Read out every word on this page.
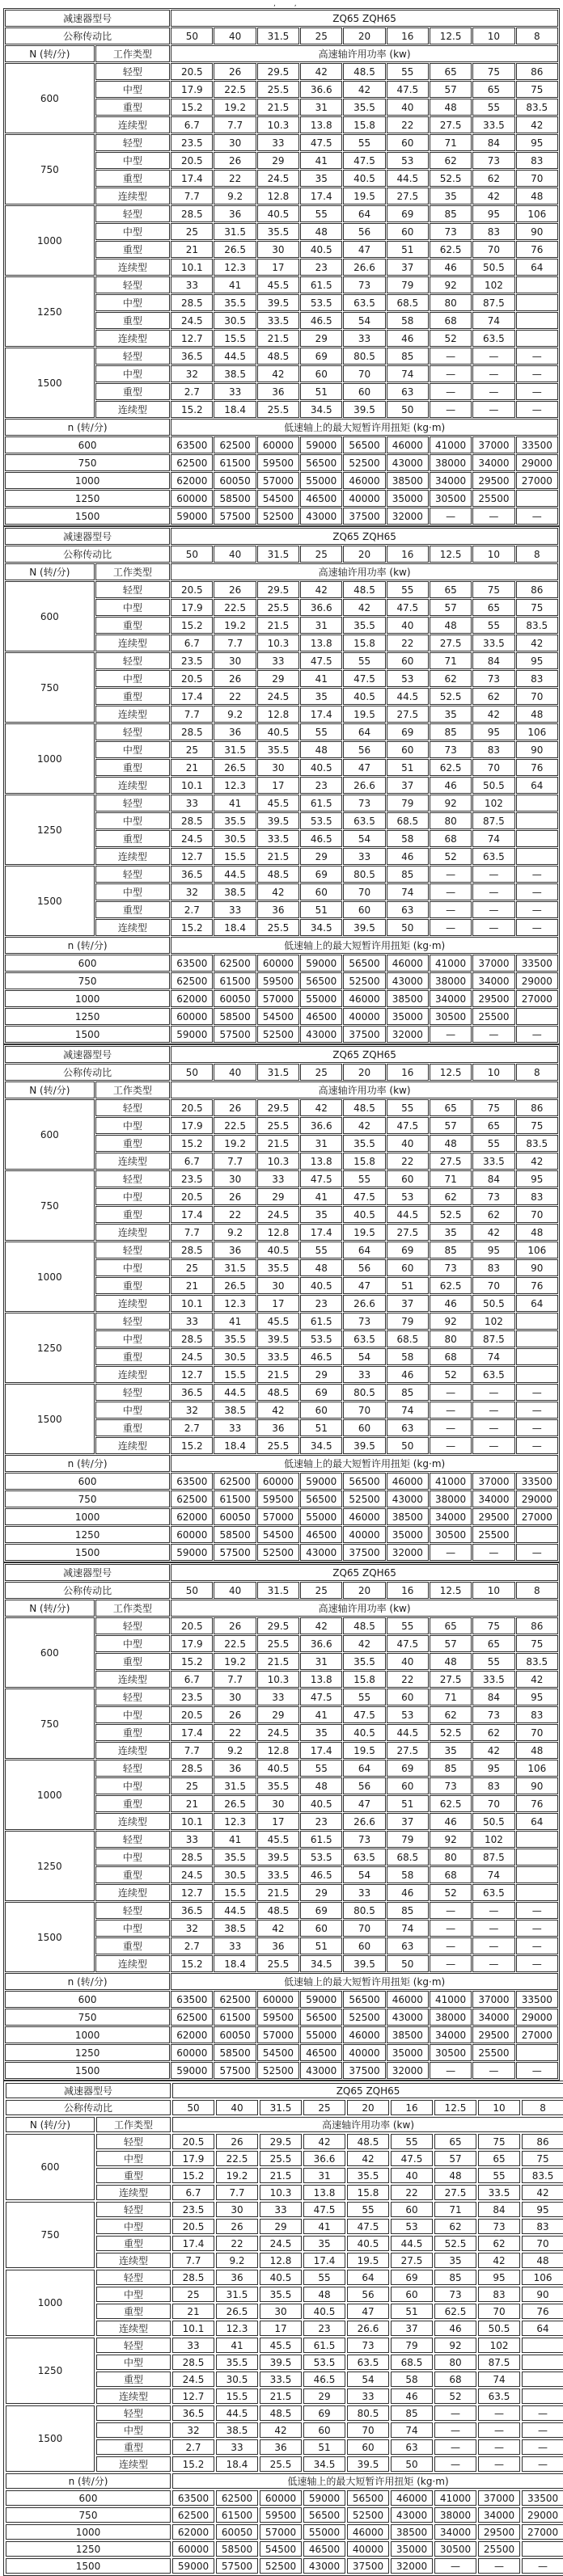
, ,
减速器型号		ZQ65 ZQH65								
公称传动比		50	40	31.5	25	20	16	12.5	10	8
N (转/分)	工作类型	高速轴许用功率 (kw)								
600	轻型	20.5	26	29.5	42	48.5	55	65	75	86
	中型	17.9	22.5	25.5	36.6	42	47.5	57	65	75
	重型	15.2	19.2	21.5	31	35.5	40	48	55	83.5
	连续型	6.7	7.7	10.3	13.8	15.8	22	27.5	33.5	42
750	轻型	23.5	30	33	47.5	55	60	71	84	95
	中型	20.5	26	29	41	47.5	53	62	73	83
	重型	17.4	22	24.5	35	40.5	44.5	52.5	62	70
	连续型	7.7	9.2	12.8	17.4	19.5	27.5	35	42	48
1000	轻型	28.5	36	40.5	55	64	69	85	95	106
	中型	25	31.5	35.5	48	56	60	73	83	90
	重型	21	26.5	30	40.5	47	51	62.5	70	76
	连续型	10.1	12.3	17	23	26.6	37	46	50.5	64
1250	轻型	33	41	45.5	61.5	73	79	92	102	
	中型	28.5	35.5	39.5	53.5	63.5	68.5	80	87.5	
	重型	24.5	30.5	33.5	46.5	54	58	68	74	
	连续型	12.7	15.5	21.5	29	33	46	52	63.5	
1500	轻型	36.5	44.5	48.5	69	80.5	85	—	—	—
	中型	32	38.5	42	60	70	74	—	—	—
	重型	2.7	33	36	51	60	63	—	—	—
	连续型	15.2	18.4	25.5	34.5	39.5	50	—	—	—
n (转/分)		低速轴上的最大短暂许用扭矩 (kg·m)								
600		63500	62500	60000	59000	56500	46000	41000	37000	33500
750		62500	61500	59500	56500	52500	43000	38000	34000	29000
1000		62000	60050	57000	55000	46000	38500	34000	29500	27000
1250		60000	58500	54500	46500	40000	35000	30500	25500	
1500		59000	57500	52500	43000	37500	32000	—	—	—
减速器型号		ZQ65 ZQH65								
公称传动比		50	40	31.5	25	20	16	12.5	10	8
N (转/分)	工作类型	高速轴许用功率 (kw)								
600	轻型	20.5	26	29.5	42	48.5	55	65	75	86
	中型	17.9	22.5	25.5	36.6	42	47.5	57	65	75
	重型	15.2	19.2	21.5	31	35.5	40	48	55	83.5
	连续型	6.7	7.7	10.3	13.8	15.8	22	27.5	33.5	42
750	轻型	23.5	30	33	47.5	55	60	71	84	95
	中型	20.5	26	29	41	47.5	53	62	73	83
	重型	17.4	22	24.5	35	40.5	44.5	52.5	62	70
	连续型	7.7	9.2	12.8	17.4	19.5	27.5	35	42	48
1000	轻型	28.5	36	40.5	55	64	69	85	95	106
	中型	25	31.5	35.5	48	56	60	73	83	90
	重型	21	26.5	30	40.5	47	51	62.5	70	76
	连续型	10.1	12.3	17	23	26.6	37	46	50.5	64
1250	轻型	33	41	45.5	61.5	73	79	92	102	
	中型	28.5	35.5	39.5	53.5	63.5	68.5	80	87.5	
	重型	24.5	30.5	33.5	46.5	54	58	68	74	
	连续型	12.7	15.5	21.5	29	33	46	52	63.5	
1500	轻型	36.5	44.5	48.5	69	80.5	85	—	—	—
	中型	32	38.5	42	60	70	74	—	—	—
	重型	2.7	33	36	51	60	63	—	—	—
	连续型	15.2	18.4	25.5	34.5	39.5	50	—	—	—
n (转/分)		低速轴上的最大短暂许用扭矩 (kg·m)								
600		63500	62500	60000	59000	56500	46000	41000	37000	33500
750		62500	61500	59500	56500	52500	43000	38000	34000	29000
1000		62000	60050	57000	55000	46000	38500	34000	29500	27000
1250		60000	58500	54500	46500	40000	35000	30500	25500	
1500		59000	57500	52500	43000	37500	32000	—	—	—
减速器型号		ZQ65 ZQH65								
公称传动比		50	40	31.5	25	20	16	12.5	10	8
N (转/分)	工作类型	高速轴许用功率 (kw)								
600	轻型	20.5	26	29.5	42	48.5	55	65	75	86
	中型	17.9	22.5	25.5	36.6	42	47.5	57	65	75
	重型	15.2	19.2	21.5	31	35.5	40	48	55	83.5
	连续型	6.7	7.7	10.3	13.8	15.8	22	27.5	33.5	42
750	轻型	23.5	30	33	47.5	55	60	71	84	95
	中型	20.5	26	29	41	47.5	53	62	73	83
	重型	17.4	22	24.5	35	40.5	44.5	52.5	62	70
	连续型	7.7	9.2	12.8	17.4	19.5	27.5	35	42	48
1000	轻型	28.5	36	40.5	55	64	69	85	95	106
	中型	25	31.5	35.5	48	56	60	73	83	90
	重型	21	26.5	30	40.5	47	51	62.5	70	76
	连续型	10.1	12.3	17	23	26.6	37	46	50.5	64
1250	轻型	33	41	45.5	61.5	73	79	92	102	
	中型	28.5	35.5	39.5	53.5	63.5	68.5	80	87.5	
	重型	24.5	30.5	33.5	46.5	54	58	68	74	
	连续型	12.7	15.5	21.5	29	33	46	52	63.5	
1500	轻型	36.5	44.5	48.5	69	80.5	85	—	—	—
	中型	32	38.5	42	60	70	74	—	—	—
	重型	2.7	33	36	51	60	63	—	—	—
	连续型	15.2	18.4	25.5	34.5	39.5	50	—	—	—
n (转/分)		低速轴上的最大短暂许用扭矩 (kg·m)								
600		63500	62500	60000	59000	56500	46000	41000	37000	33500
750		62500	61500	59500	56500	52500	43000	38000	34000	29000
1000		62000	60050	57000	55000	46000	38500	34000	29500	27000
1250		60000	58500	54500	46500	40000	35000	30500	25500	
1500		59000	57500	52500	43000	37500	32000	—	—	—
减速器型号		ZQ65 ZQH65								
公称传动比		50	40	31.5	25	20	16	12.5	10	8
N (转/分)	工作类型	高速轴许用功率 (kw)								
600	轻型	20.5	26	29.5	42	48.5	55	65	75	86
	中型	17.9	22.5	25.5	36.6	42	47.5	57	65	75
	重型	15.2	19.2	21.5	31	35.5	40	48	55	83.5
	连续型	6.7	7.7	10.3	13.8	15.8	22	27.5	33.5	42
750	轻型	23.5	30	33	47.5	55	60	71	84	95
	中型	20.5	26	29	41	47.5	53	62	73	83
	重型	17.4	22	24.5	35	40.5	44.5	52.5	62	70
	连续型	7.7	9.2	12.8	17.4	19.5	27.5	35	42	48
1000	轻型	28.5	36	40.5	55	64	69	85	95	106
	中型	25	31.5	35.5	48	56	60	73	83	90
	重型	21	26.5	30	40.5	47	51	62.5	70	76
	连续型	10.1	12.3	17	23	26.6	37	46	50.5	64
1250	轻型	33	41	45.5	61.5	73	79	92	102	
	中型	28.5	35.5	39.5	53.5	63.5	68.5	80	87.5	
	重型	24.5	30.5	33.5	46.5	54	58	68	74	
	连续型	12.7	15.5	21.5	29	33	46	52	63.5	
1500	轻型	36.5	44.5	48.5	69	80.5	85	—	—	—
	中型	32	38.5	42	60	70	74	—	—	—
	重型	2.7	33	36	51	60	63	—	—	—
	连续型	15.2	18.4	25.5	34.5	39.5	50	—	—	—
n (转/分)		低速轴上的最大短暂许用扭矩 (kg·m)								
600		63500	62500	60000	59000	56500	46000	41000	37000	33500
750		62500	61500	59500	56500	52500	43000	38000	34000	29000
1000		62000	60050	57000	55000	46000	38500	34000	29500	27000
1250		60000	58500	54500	46500	40000	35000	30500	25500	
1500		59000	57500	52500	43000	37500	32000	—	—	—
减速器型号		ZQ65 ZQH65								
公称传动比		50	40	31.5	25	20	16	12.5	10	8
N (转/分)	工作类型	高速轴许用功率 (kw)								
600	轻型	20.5	26	29.5	42	48.5	55	65	75	86
	中型	17.9	22.5	25.5	36.6	42	47.5	57	65	75
	重型	15.2	19.2	21.5	31	35.5	40	48	55	83.5
	连续型	6.7	7.7	10.3	13.8	15.8	22	27.5	33.5	42
750	轻型	23.5	30	33	47.5	55	60	71	84	95
	中型	20.5	26	29	41	47.5	53	62	73	83
	重型	17.4	22	24.5	35	40.5	44.5	52.5	62	70
	连续型	7.7	9.2	12.8	17.4	19.5	27.5	35	42	48
1000	轻型	28.5	36	40.5	55	64	69	85	95	106
	中型	25	31.5	35.5	48	56	60	73	83	90
	重型	21	26.5	30	40.5	47	51	62.5	70	76
	连续型	10.1	12.3	17	23	26.6	37	46	50.5	64
1250	轻型	33	41	45.5	61.5	73	79	92	102	
	中型	28.5	35.5	39.5	53.5	63.5	68.5	80	87.5	
	重型	24.5	30.5	33.5	46.5	54	58	68	74	
	连续型	12.7	15.5	21.5	29	33	46	52	63.5	
1500	轻型	36.5	44.5	48.5	69	80.5	85	—	—	—
	中型	32	38.5	42	60	70	74	—	—	—
	重型	2.7	33	36	51	60	63	—	—	—
	连续型	15.2	18.4	25.5	34.5	39.5	50	—	—	—
n (转/分)		低速轴上的最大短暂许用扭矩 (kg·m)								
600		63500	62500	60000	59000	56500	46000	41000	37000	33500
750		62500	61500	59500	56500	52500	43000	38000	34000	29000
1000		62000	60050	57000	55000	46000	38500	34000	29500	27000
1250		60000	58500	54500	46500	40000	35000	30500	25500	
1500		59000	57500	52500	43000	37500	32000	—	—	—
